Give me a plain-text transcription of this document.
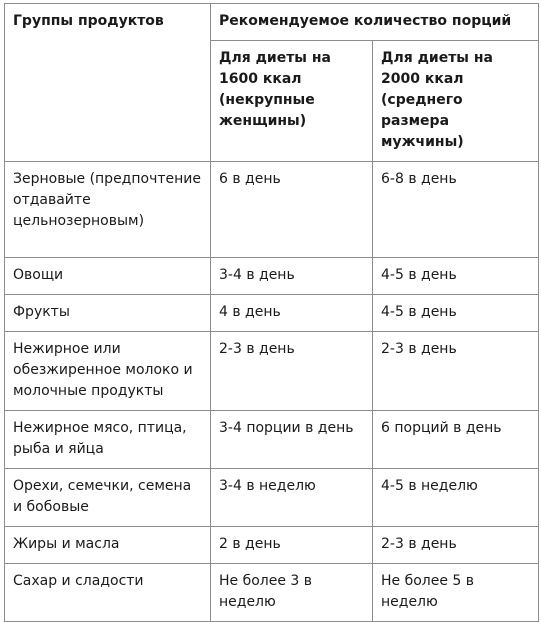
Группы продуктов	Рекомендуемое количество порций	
	Для диеты на 1600 ккал (некрупные женщины)	Для диеты на 2000 ккал (среднего размера мужчины)
Зерновые (предпочтение отдавайте цельнозерновым)	6 в день	6-8 в день
Овощи	3-4 в день	4-5 в день
Фрукты	4 в день	4-5 в день
Нежирное или обезжиренное молоко и молочные продукты	2-3 в день	2-3 в день
Нежирное мясо, птица, рыба и яйца	3-4 порции в день	6 порций в день
Орехи, семечки, семена и бобовые	3-4 в неделю	4-5 в неделю
Жиры и масла	2 в день	2-3 в день
Сахар и сладости	Не более 3 в неделю	Не более 5 в неделю
